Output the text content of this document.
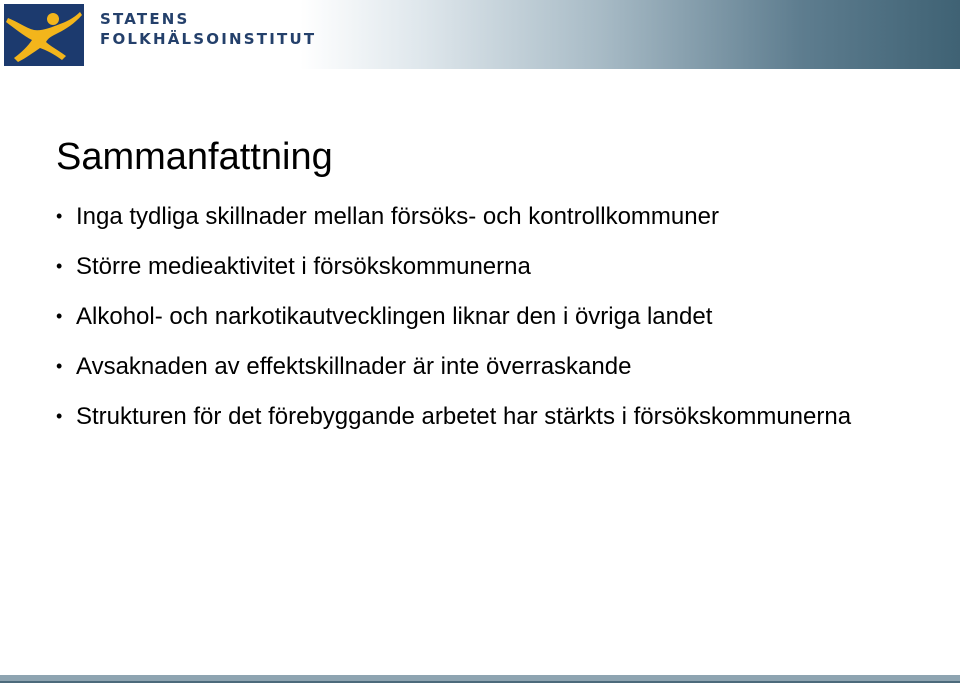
STATENS
FOLKHÄLSOINSTITUT
Sammanfattning
• Inga tydliga skillnader mellan försöks- och kontrollkommuner
• Större medieaktivitet i försökskommunerna
• Alkohol- och narkotikautvecklingen liknar den i övriga landet
• Avsaknaden av effektskillnader är inte överraskande
• Strukturen för det förebyggande arbetet har stärkts i försökskommunerna
